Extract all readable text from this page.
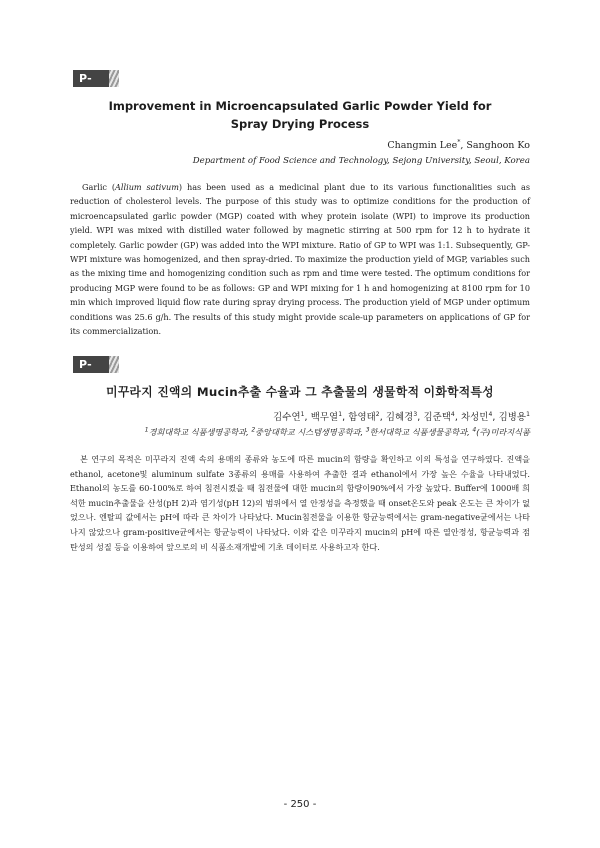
P-27
Improvement in Microencapsulated Garlic Powder Yield for
Spray Drying Process
Changmin Lee*, Sanghoon Ko
Department of Food Science and Technology, Sejong University, Seoul, Korea

Garlic (Allium sativum) has been used as a medicinal plant due to its various functionalities such as reduction of cholesterol levels. The purpose of this study was to optimize conditions for the production of microencapsulated garlic powder (MGP) coated with whey protein isolate (WPI) to improve its production yield. WPI was mixed with distilled water followed by magnetic stirring at 500 rpm for 12 h to hydrate it completely. Garlic powder (GP) was added into the WPI mixture. Ratio of GP to WPI was 1:1. Subsequently, GP-WPI mixture was homogenized, and then spray-dried. To maximize the production yield of MGP, variables such as the mixing time and homogenizing condition such as rpm and time were tested. The optimum conditions for producing MGP were found to be as follows: GP and WPI mixing for 1 h and homogenizing at 8100 rpm for 10 min which improved liquid flow rate during spray drying process. The production yield of MGP under optimum conditions was 25.6 g/h. The results of this study might provide scale-up parameters on applications of GP for its commercialization.

P-28
미꾸라지 진액의 Mucin추출 수율과 그 추출물의 생물학적 이화학적특성
김수연$^1$, 백무열$^1$, 함영태$^2$, 김혜경$^3$, 김준택$^4$, 차성민$^4$, 김병용$^1$
$^1$경희대학교 식품생명공학과, $^2$중앙대학교 시스템생명공학과, $^3$한서대학교 식품생물공학과, $^4$(주)미라지식품

본 연구의 목적은 미꾸라지 진액 속의 용매의 종류와 농도에 따른 mucin의 함량을 확인하고 이의 특성을 연구하였다. 진액을 ethanol, acetone및 aluminum sulfate 3종류의 용매를 사용하여 추출한 결과 ethanol에서 가장 높은 수율을 나타내었다. Ethanol의 농도를 60-100%로 하여 침전시켰을 때 침전물에 대한 mucin의 함량이90%에서 가장 높았다. Buffer에 1000배 희석한 mucin추출물을 산성(pH 2)과 염기성(pH 12)의 범위에서 열 안정성을 측정했을 때 onset온도와 peak 온도는 큰 차이가 없었으나. 엔탈피 값에서는 pH에 따라 큰 차이가 나타났다. Mucin침전물을 이용한 항균능력에서는 gram-negative균에서는 나타나지 않았으나 gram-positive균에서는 항균능력이 나타났다. 이와 같은 미꾸라지 mucin의 pH에 따른 열안정성, 항균능력과 점탄성의 성질 등을 이용하여 앞으로의 비 식품소재개발에 기초 데이터로 사용하고자 한다.

- 250 -
